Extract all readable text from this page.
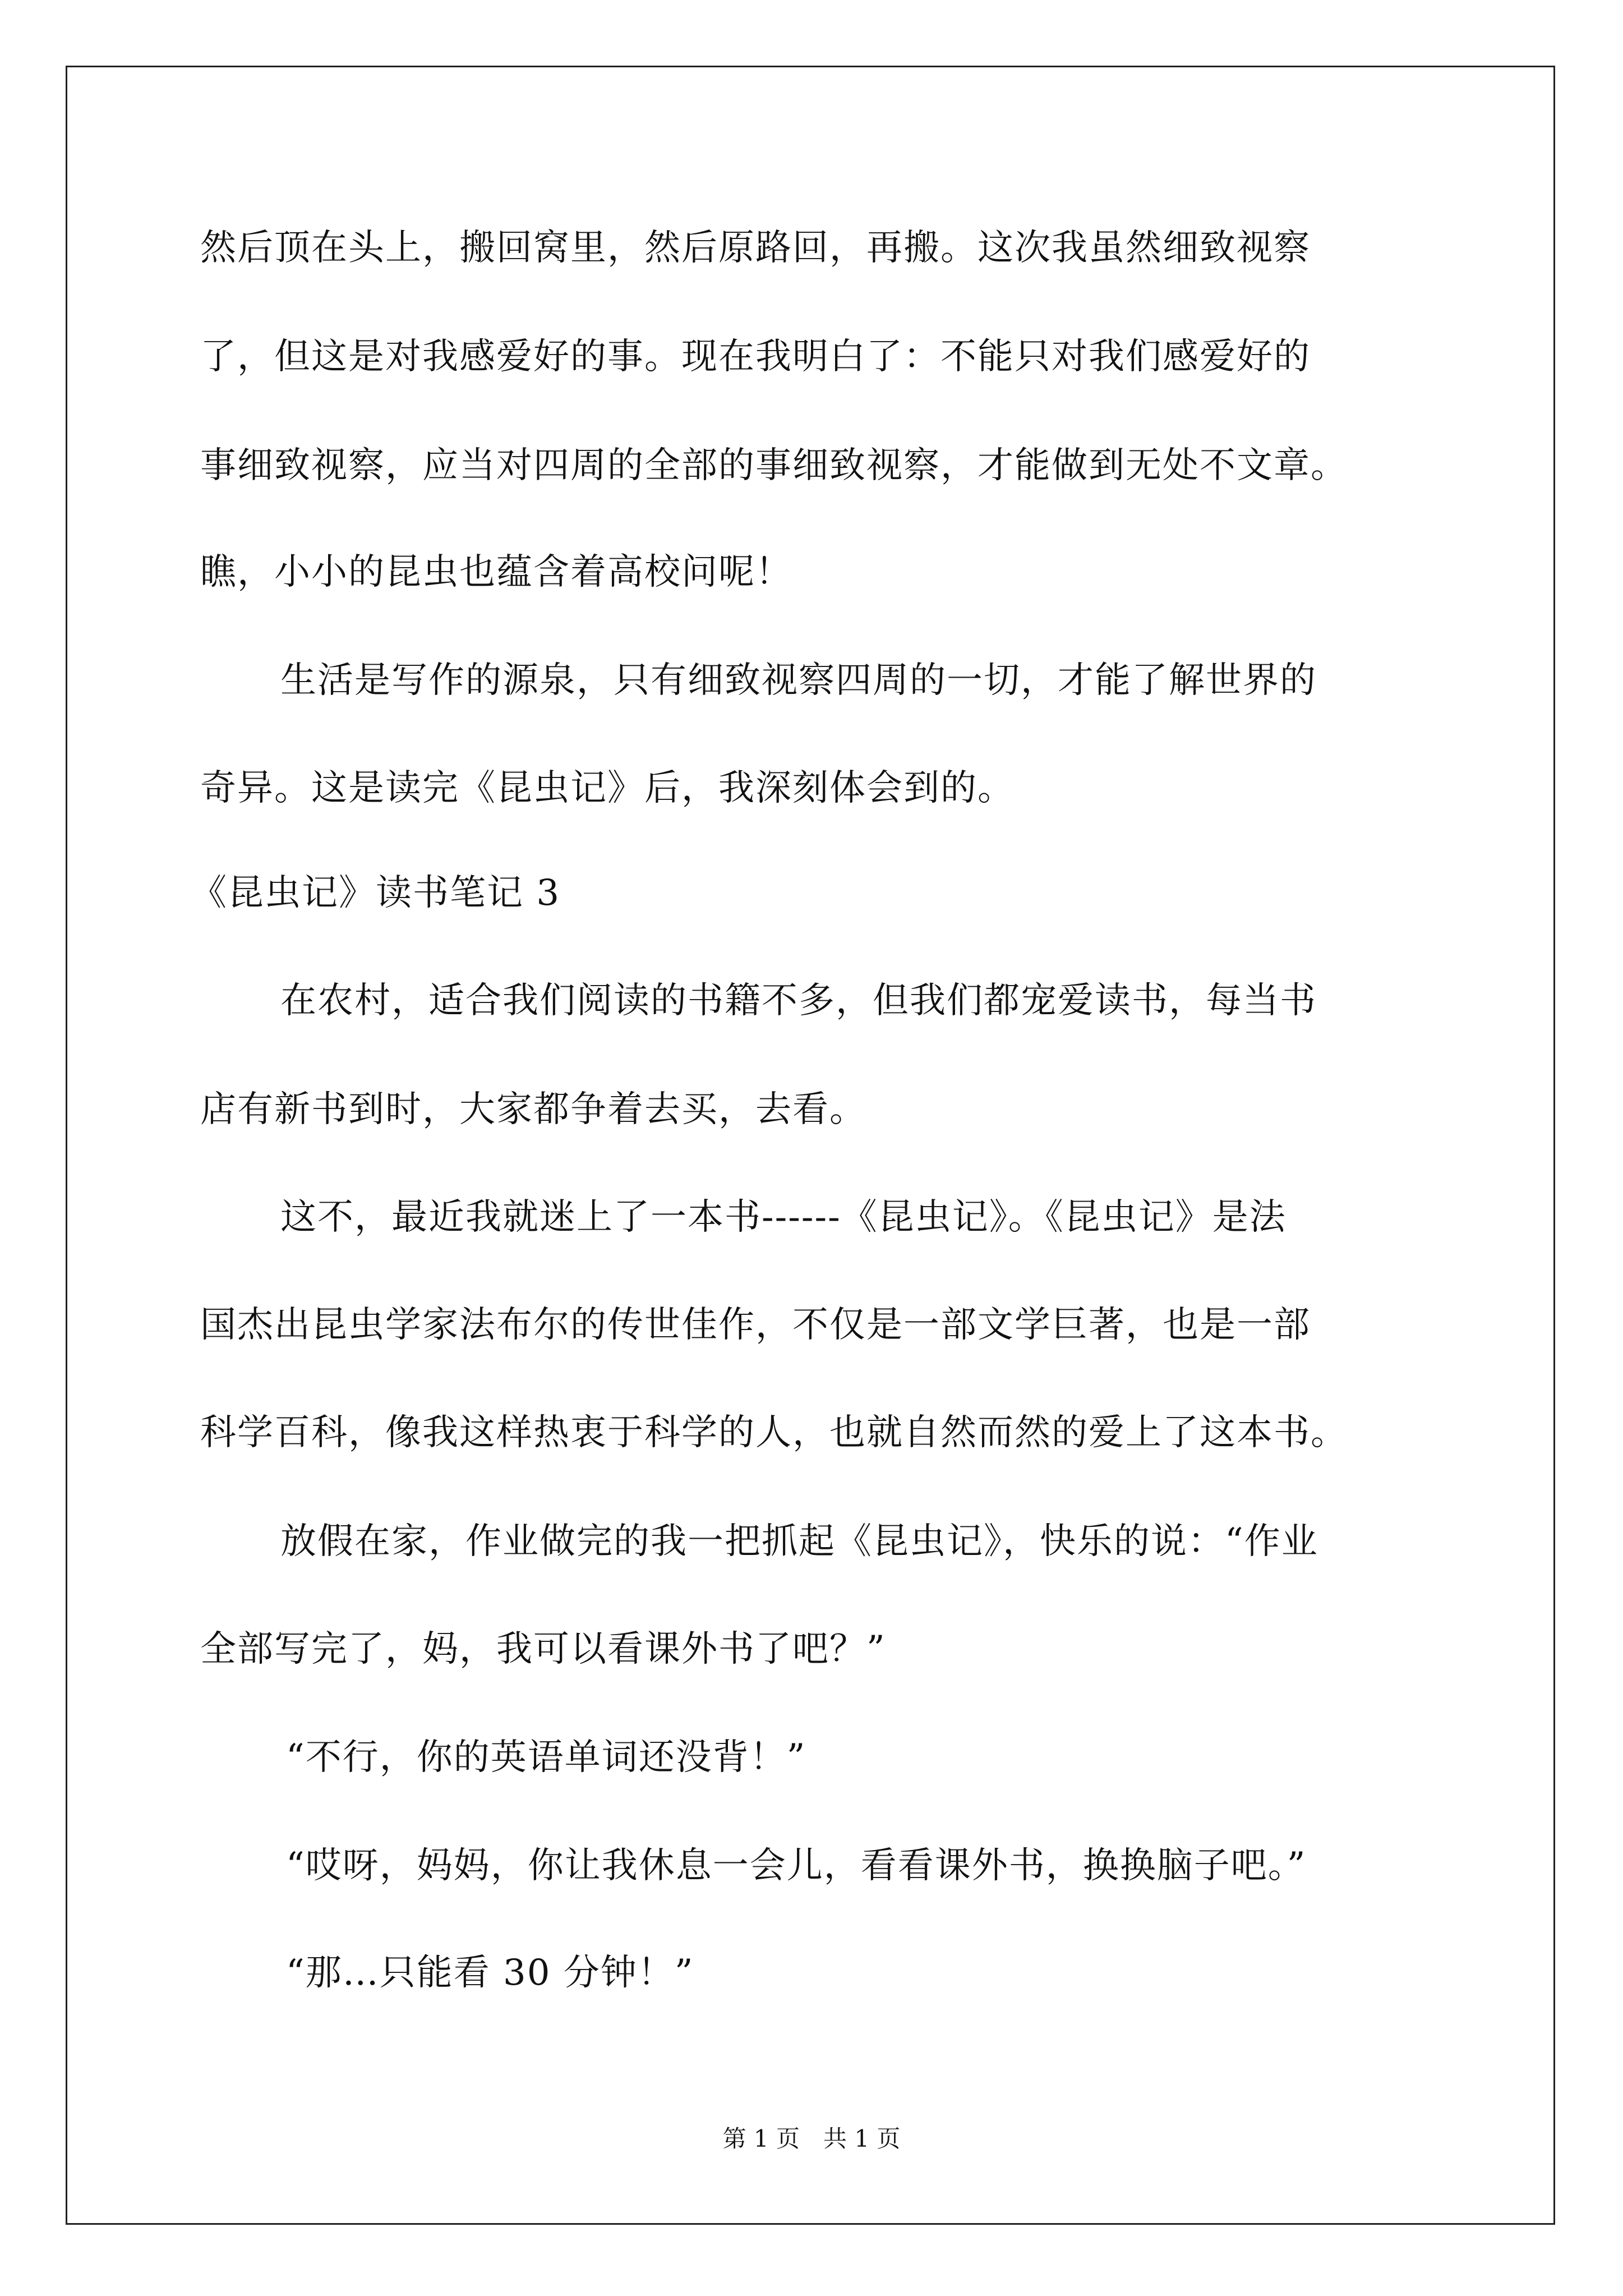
然后顶在头上，搬回窝里，然后原路回，再搬。这次我虽然细致视察
了，但这是对我感爱好的事。现在我明白了：不能只对我们感爱好的
事细致视察，应当对四周的全部的事细致视察，才能做到无处不文章。
瞧，小小的昆虫也蕴含着高校问呢！
生活是写作的源泉，只有细致视察四周的一切，才能了解世界的
奇异。这是读完《昆虫记》后，我深刻体会到的。
《昆虫记》读书笔记 3
在农村，适合我们阅读的书籍不多，但我们都宠爱读书，每当书
店有新书到时，大家都争着去买，去看。
这不，最近我就迷上了一本书------《昆虫记》。《昆虫记》是法
国杰出昆虫学家法布尔的传世佳作，不仅是一部文学巨著，也是一部
科学百科，像我这样热衷于科学的人，也就自然而然的爱上了这本书。
放假在家，作业做完的我一把抓起《昆虫记》，快乐的说：“作业
全部写完了，妈，我可以看课外书了吧？”
“不行，你的英语单词还没背！”
“哎呀，妈妈，你让我休息一会儿，看看课外书，换换脑子吧。”
“那…只能看 30 分钟！”
第 1 页　共 1 页
